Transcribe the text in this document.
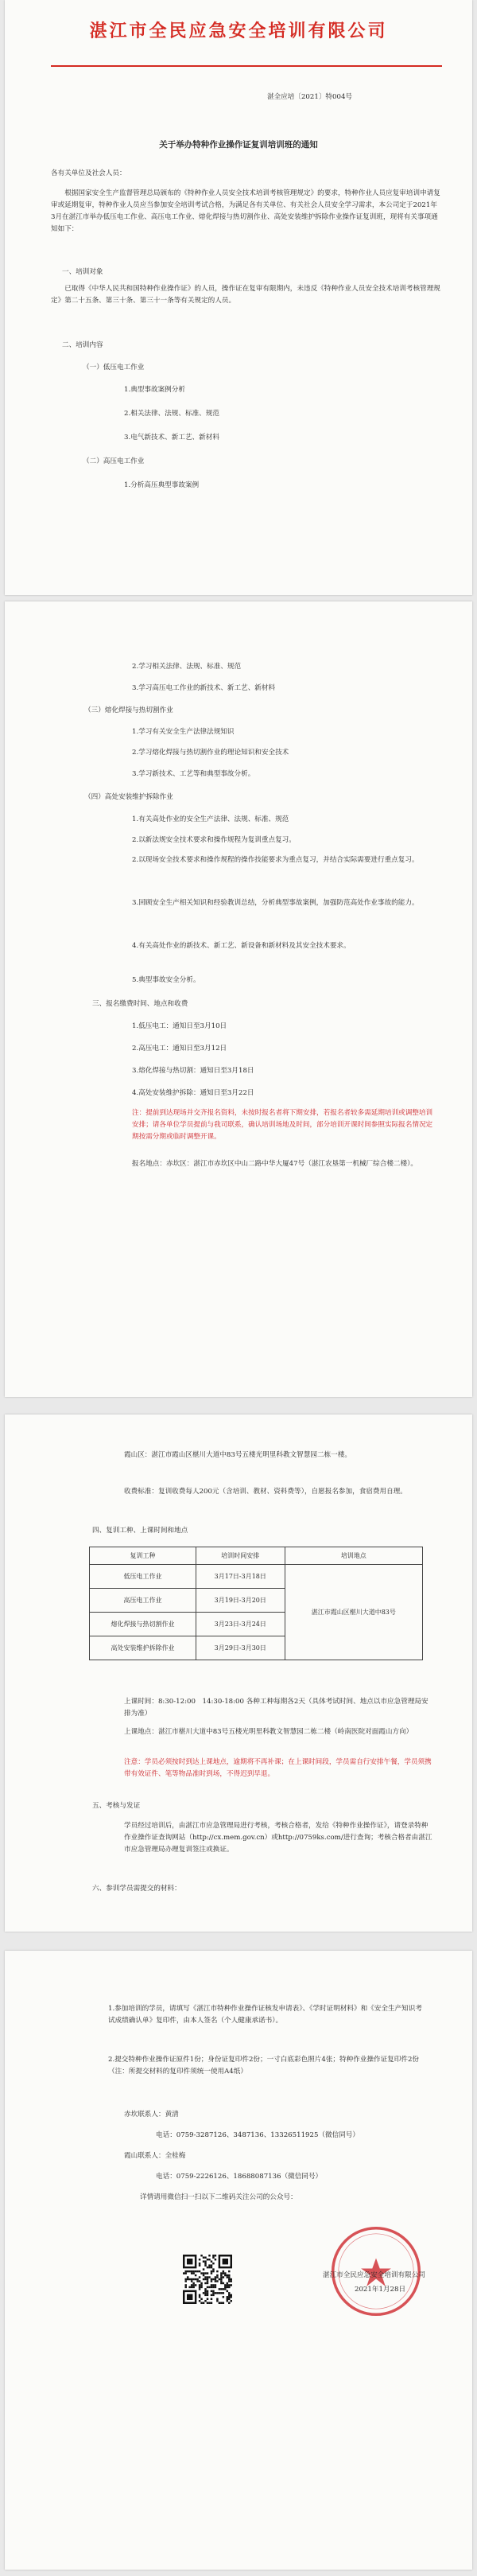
湛江市全民应急安全培训有限公司
湛全应培〔2021〕特004号
关于举办特种作业操作证复训培训班的通知
各有关单位及社会人员：
根据国家安全生产监督管理总局颁布的《特种作业人员安全技术培训考核管理规定》的要求，特种作业人员应复审培训申请复审或延期复审，特种作业人员应当参加安全培训考试合格，为满足各有关单位、有关社会人员安全学习需求，本公司定于2021年3月在湛江市举办低压电工作业、高压电工作业、熔化焊接与热切割作业、高处安装维护拆除作业操作证复训班，现将有关事项通知如下：
一、培训对象
已取得《中华人民共和国特种作业操作证》的人员，操作证在复审有限期内，未违反《特种作业人员安全技术培训考核管理规定》第二十五条、第三十条、第三十一条等有关规定的人员。
二、培训内容
（一）低压电工作业
1.典型事故案例分析
2.相关法律、法规、标准、规范
3.电气新技术、新工艺、新材料
（二）高压电工作业
1.分析高压典型事故案例
2.学习相关法律、法规、标准、规范
3.学习高压电工作业的新技术、新工艺、新材料
（三）熔化焊接与热切割作业
1.学习有关安全生产法律法规知识
2.学习熔化焊接与热切割作业的理论知识和安全技术
3.学习新技术、工艺等和典型事故分析。
（四）高处安装维护拆除作业
1.有关高处作业的安全生产法律、法规、标准、规范
2.以新法规安全技术要求和操作规程为复训重点复习。
2.以现场安全技术要求和操作规程的操作技能要求为重点复习，并结合实际需要进行重点复习。
3.回顾安全生产相关知识和经验教训总结，分析典型事故案例，加强防范高处作业事故的能力。
4.有关高处作业的新技术、新工艺、新设备和新材料及其安全技术要求。
5.典型事故安全分析。
三、报名缴费时间、地点和收费
1.低压电工：通知日至3月10日
2.高压电工：通知日至3月12日
3.熔化焊接与热切割：通知日至3月18日
4.高处安装维护拆除：通知日至3月22日
注：提前到达现场并交齐报名资料，未按时报名者将下期安排，若报名者较多需延期培训或调整培训安排；请各单位学员提前与我司联系，确认培训场地及时间，部分培训开课时间参照实际报名情况定期按需分期或临时调整开课。
报名地点：赤坎区：湛江市赤坎区中山二路中华大厦47号（湛江农垦第一机械厂综合楼二楼）。
霞山区：湛江市霞山区椹川大道中83号五楼光明里科教文智慧园二栋一楼。
收费标准：复训收费每人200元（含培训、教材、资料费等），自愿报名参加，食宿费用自理。
四、复训工种、上课时间和地点
复训工种	培训时间安排	培训地点
低压电工作业	3月17日-3月18日	湛江市霞山区椹川大道中83号
高压电工作业	3月19日-3月20日	
熔化焊接与热切割作业	3月23日-3月24日	
高处安装维护拆除作业	3月29日-3月30日	
上课时间：8:30-12:00　14:30-18:00 各种工种每期各2天（具体考试时间、地点以市应急管理局安排为准）
上课地点：湛江市椹川大道中83号五楼光明里科教文智慧园二栋二楼（岭南医院对面霞山方向）
注意：学员必须按时到达上课地点，逾期将不再补课；在上课时间段，学员需自行安排午餐，学员须携带有效证件、笔等物品准时到场，不得迟到早退。
五、考核与发证
学员经过培训后，由湛江市应急管理局进行考核，考核合格者，发给《特种作业操作证》，请登录特种作业操作证查询网站（http://cx.mem.gov.cn）或http://0759ks.com/进行查询；考核合格者由湛江市应急管理局办理复训签注或换证。
六、参训学员需提交的材料：
1.参加培训的学员，请填写《湛江市特种作业操作证核发申请表》、《学时证明材料》和《安全生产知识考试成绩确认单》复印件，由本人签名（个人健康承诺书）。
2.提交特种作业操作证原件1份；身份证复印件2份；一寸白底彩色照片4张；特种作业操作证复印件2份（注：所提交材料的复印件须统一使用A4纸）
赤坎联系人：黄清
电话：0759-3287126、3487136、13326511925（微信同号）
霞山联系人：全桂梅
电话：0759-2226126、18688087136（微信同号）
详情请用微信扫一扫以下二维码关注公司的公众号：
湛江市全民应急安全培训有限公司
2021年1月28日
